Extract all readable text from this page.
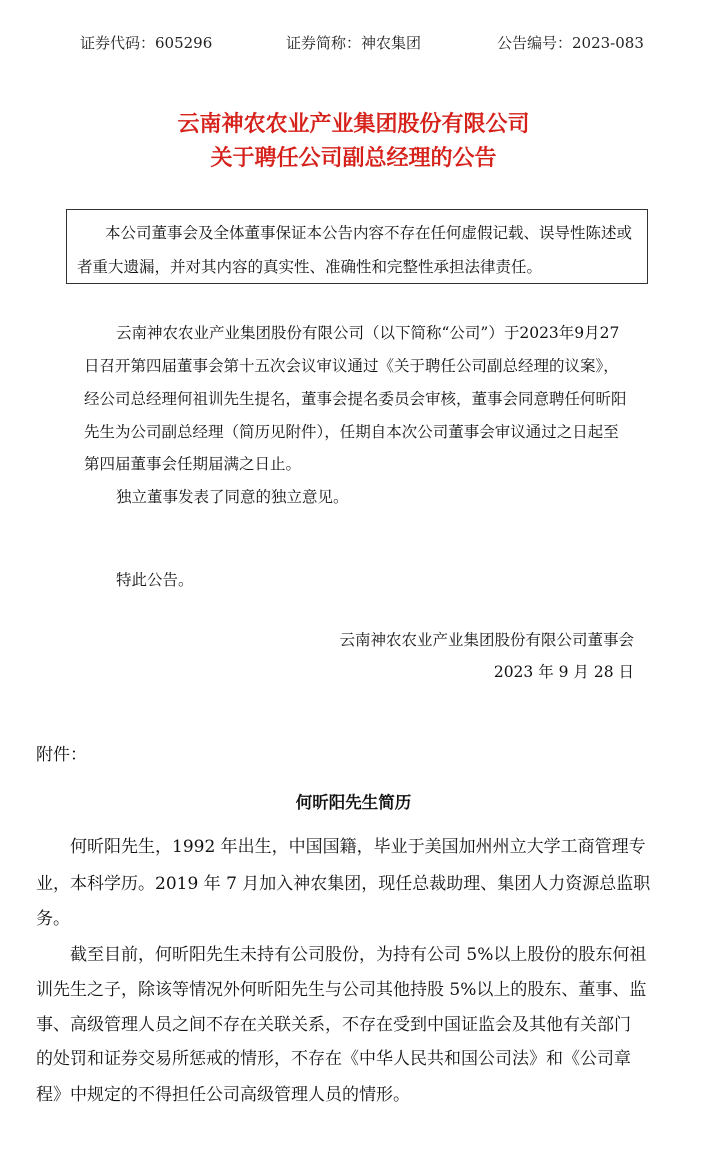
证券代码：605296	证券简称：神农集团	公告编号：2023-083
云南神农农业产业集团股份有限公司
关于聘任公司副总经理的公告
本公司董事会及全体董事保证本公告内容不存在任何虚假记载、误导性陈述或
者重大遗漏，并对其内容的真实性、准确性和完整性承担法律责任。
云南神农农业产业集团股份有限公司（以下简称“公司”）于2023年9月27
日召开第四届董事会第十五次会议审议通过《关于聘任公司副总经理的议案》，
经公司总经理何祖训先生提名，董事会提名委员会审核，董事会同意聘任何昕阳
先生为公司副总经理（简历见附件），任期自本次公司董事会审议通过之日起至
第四届董事会任期届满之日止。
独立董事发表了同意的独立意见。
特此公告。
云南神农农业产业集团股份有限公司董事会
2023 年 9 月 28 日
附件：
何昕阳先生简历
何昕阳先生，1992 年出生，中国国籍，毕业于美国加州州立大学工商管理专
业，本科学历。2019 年 7 月加入神农集团，现任总裁助理、集团人力资源总监职
务。
截至目前，何昕阳先生未持有公司股份，为持有公司 5%以上股份的股东何祖
训先生之子，除该等情况外何昕阳先生与公司其他持股 5%以上的股东、董事、监
事、高级管理人员之间不存在关联关系，不存在受到中国证监会及其他有关部门
的处罚和证券交易所惩戒的情形，不存在《中华人民共和国公司法》和《公司章
程》中规定的不得担任公司高级管理人员的情形。
